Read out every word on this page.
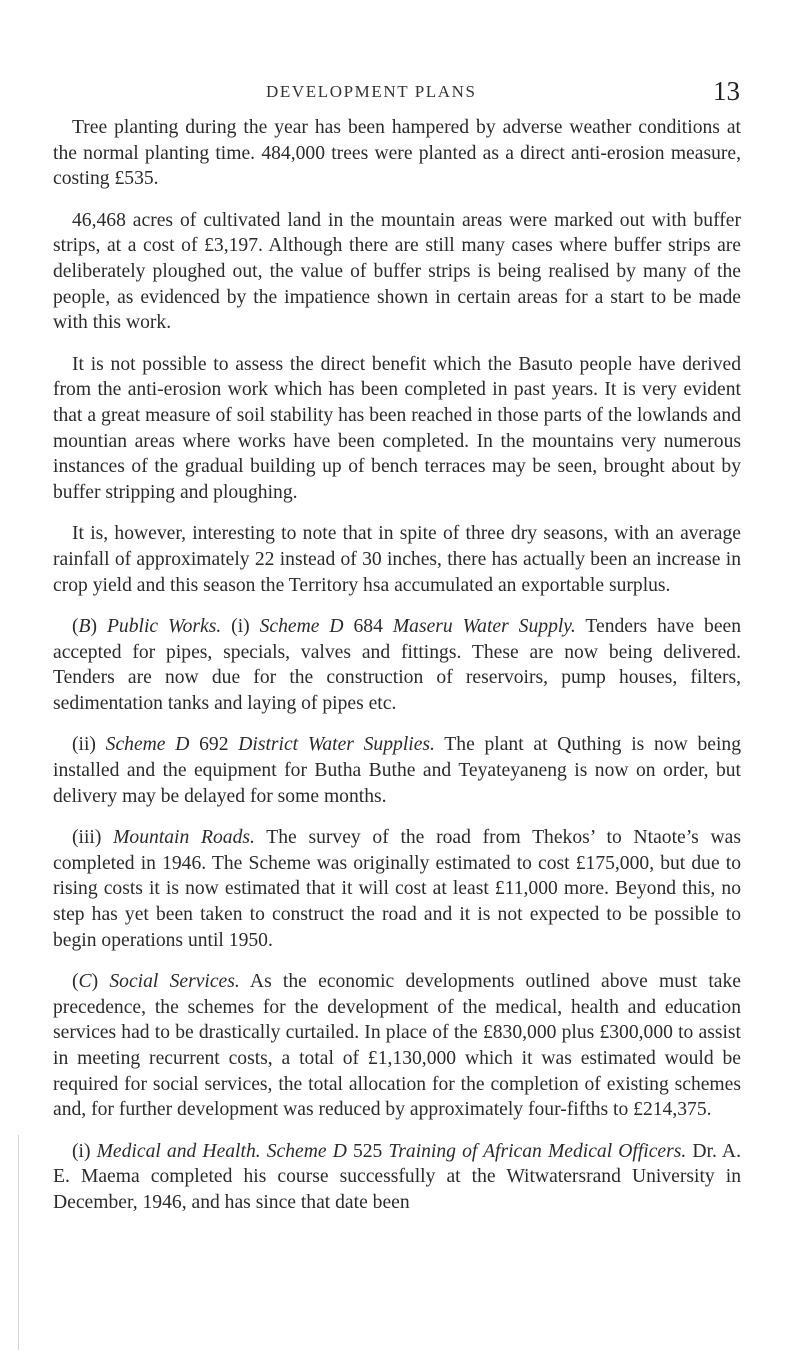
DEVELOPMENT PLANS	13

Tree planting during the year has been hampered by adverse weather conditions at the normal planting time. 484,000 trees were planted as a direct anti-erosion measure, costing £535.

46,468 acres of cultivated land in the mountain areas were marked out with buffer strips, at a cost of £3,197. Although there are still many cases where buffer strips are deliberately ploughed out, the value of buffer strips is being realised by many of the people, as evidenced by the impatience shown in certain areas for a start to be made with this work.

It is not possible to assess the direct benefit which the Basuto people have derived from the anti-erosion work which has been completed in past years. It is very evident that a great measure of soil stability has been reached in those parts of the lowlands and mountian areas where works have been completed. In the mountains very numerous instances of the gradual building up of bench terraces may be seen, brought about by buffer stripping and ploughing.

It is, however, interesting to note that in spite of three dry seasons, with an average rainfall of approximately 22 instead of 30 inches, there has actually been an increase in crop yield and this season the Territory hsa accumulated an exportable surplus.

(B) Public Works. (i) Scheme D 684 Maseru Water Supply. Tenders have been accepted for pipes, specials, valves and fittings. These are now being delivered. Tenders are now due for the construction of reservoirs, pump houses, filters, sedimentation tanks and laying of pipes etc.

(ii) Scheme D 692 District Water Supplies. The plant at Quthing is now being installed and the equipment for Butha Buthe and Teyateyaneng is now on order, but delivery may be delayed for some months.

(iii) Mountain Roads. The survey of the road from Thekos’ to Ntaote’s was completed in 1946. The Scheme was originally estimated to cost £175,000, but due to rising costs it is now estimated that it will cost at least £11,000 more. Beyond this, no step has yet been taken to construct the road and it is not expected to be possible to begin operations until 1950.

(C) Social Services. As the economic developments outlined above must take precedence, the schemes for the development of the medical, health and education services had to be drastically curtailed. In place of the £830,000 plus £300,000 to assist in meeting recurrent costs, a total of £1,130,000 which it was estimated would be required for social services, the total allocation for the completion of existing schemes and, for further development was reduced by approximately four-fifths to £214,375.

(i) Medical and Health. Scheme D 525 Training of African Medical Officers. Dr. A. E. Maema completed his course successfully at the Witwatersrand University in December, 1946, and has since that date been
